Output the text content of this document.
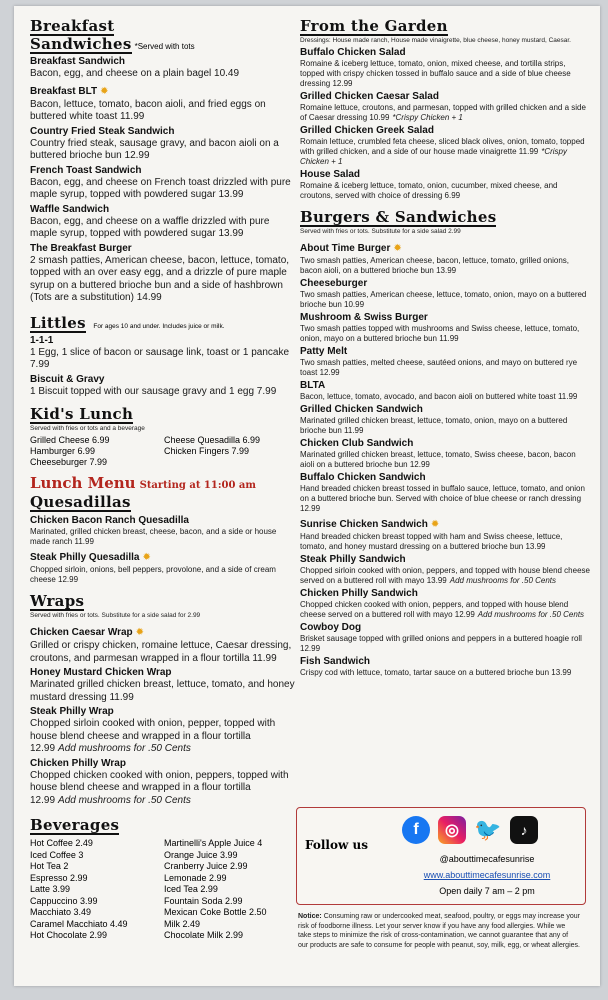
Breakfast
Sandwiches *Served with tots
Breakfast Sandwich
Bacon, egg, and cheese on a plain bagel 10.49
Breakfast BLT ✹
Bacon, lettuce, tomato, bacon aioli, and fried eggs on buttered white toast 11.99
Country Fried Steak Sandwich
Country fried steak, sausage gravy, and bacon aioli on a buttered brioche bun 12.99
French Toast Sandwich
Bacon, egg, and cheese on French toast drizzled with pure maple syrup, topped with powdered sugar 13.99
Waffle Sandwich
Bacon, egg, and cheese on a waffle drizzled with pure maple syrup, topped with powdered sugar 13.99
The Breakfast Burger
2 smash patties, American cheese, bacon, lettuce, tomato, topped with an over easy egg, and a drizzle of pure maple syrup on a buttered brioche bun and a side of hashbrown (Tots are a substitution) 14.99
Littles For ages 10 and under. Includes juice or milk.
1-1-1
1 Egg, 1 slice of bacon or sausage link, toast or 1 pancake 7.99
Biscuit & Gravy
1 Biscuit topped with our sausage gravy and 1 egg 7.99
Kid's Lunch
Served with fries or tots and a beverage
Grilled Cheese 6.99	Cheese Quesadilla 6.99
Hamburger 6.99	Chicken Fingers 7.99
Cheeseburger 7.99
Lunch Menu Starting at 11:00 am
Quesadillas
Chicken Bacon Ranch Quesadilla
Marinated, grilled chicken breast, cheese, bacon, and a side or house made ranch 11.99
Steak Philly Quesadilla ✹
Chopped sirloin, onions, bell peppers, provolone, and a side of cream cheese 12.99
Wraps
Served with fries or tots. Substitute for a side salad for 2.99
Chicken Caesar Wrap ✹
Grilled or crispy chicken, romaine lettuce, Caesar dressing, croutons, and parmesan wrapped in a flour tortilla 11.99
Honey Mustard Chicken Wrap
Marinated grilled chicken breast, lettuce, tomato, and honey mustard dressing 11.99
Steak Philly Wrap
Chopped sirloin cooked with onion, pepper, topped with house blend cheese and wrapped in a flour tortilla 12.99 Add mushrooms for .50 Cents
Chicken Philly Wrap
Chopped chicken cooked with onion, peppers, topped with house blend cheese and wrapped in a flour tortilla 12.99 Add mushrooms for .50 Cents
Beverages
Hot Coffee 2.49
Iced Coffee 3
Hot Tea 2
Espresso 2.99
Latte 3.99
Cappuccino 3.99
Macchiato 3.49
Caramel Macchiato 4.49
Hot Chocolate 2.99
Martinelli's Apple Juice 4
Orange Juice 3.99
Cranberry Juice 2.99
Lemonade 2.99
Iced Tea 2.99
Fountain Soda 2.99
Mexican Coke Bottle 2.50
Milk 2.49
Chocolate Milk 2.99
From the Garden
Dressings: House made ranch, House made vinaigrette, blue cheese, honey mustard, Caesar.
Buffalo Chicken Salad
Romaine & iceberg lettuce, tomato, onion, mixed cheese, and tortilla strips, topped with crispy chicken tossed in buffalo sauce and a side of blue cheese dressing 12.99
Grilled Chicken Caesar Salad
Romaine lettuce, croutons, and parmesan, topped with grilled chicken and a side of Caesar dressing 10.99 *Crispy Chicken + 1
Grilled Chicken Greek Salad
Romain lettuce, crumbled feta cheese, sliced black olives, onion, tomato, topped with grilled chicken, and a side of our house made vinaigrette 11.99 *Crispy Chicken + 1
House Salad
Romaine & iceberg lettuce, tomato, onion, cucumber, mixed cheese, and croutons, served with choice of dressing 6.99
Burgers & Sandwiches
Served with fries or tots. Substitute for a side salad 2.99
About Time Burger ✹
Two smash patties, American cheese, bacon, lettuce, tomato, grilled onions, bacon aioli, on a buttered brioche bun 13.99
Cheeseburger
Two smash patties, American cheese, lettuce, tomato, onion, mayo on a buttered brioche bun 10.99
Mushroom & Swiss Burger
Two smash patties topped with mushrooms and Swiss cheese, lettuce, tomato, onion, mayo on a buttered brioche bun 11.99
Patty Melt
Two smash patties, melted cheese, sautéed onions, and mayo on buttered rye toast 12.99
BLTA
Bacon, lettuce, tomato, avocado, and bacon aioli on buttered white toast 11.99
Grilled Chicken Sandwich
Marinated grilled chicken breast, lettuce, tomato, onion, mayo on a buttered brioche bun 11.99
Chicken Club Sandwich
Marinated grilled chicken breast, lettuce, tomato, Swiss cheese, bacon, bacon aioli on a buttered brioche bun 12.99
Buffalo Chicken Sandwich
Hand breaded chicken breast tossed in buffalo sauce, lettuce, tomato, and onion on a buttered brioche bun. Served with choice of blue cheese or ranch dressing 12.99
Sunrise Chicken Sandwich ✹
Hand breaded chicken breast topped with ham and Swiss cheese, lettuce, tomato, and honey mustard dressing on a buttered brioche bun 13.99
Steak Philly Sandwich
Chopped sirloin cooked with onion, peppers, and topped with house blend cheese served on a buttered roll with mayo 13.99 Add mushrooms for .50 Cents
Chicken Philly Sandwich
Chopped chicken cooked with onion, peppers, and topped with house blend cheese served on a buttered roll with mayo 12.99 Add mushrooms for .50 Cents
Cowboy Dog
Brisket sausage topped with grilled onions and peppers in a buttered hoagie roll 12.99
Fish Sandwich
Crispy cod with lettuce, tomato, tartar sauce on a buttered brioche bun 13.99
Follow us
f	◎ 🐦	♪
@abouttimecafesunrise
www.abouttimecafesunrise.com
Open daily 7 am – 2 pm
Notice: Consuming raw or undercooked meat, seafood, poultry, or eggs may increase your risk of foodborne illness. Let your server know if you have any food allergies. While we take steps to minimize the risk of cross-contamination, we cannot guarantee that any of our products are safe to consume for people with peanut, soy, milk, egg, or wheat allergies.
